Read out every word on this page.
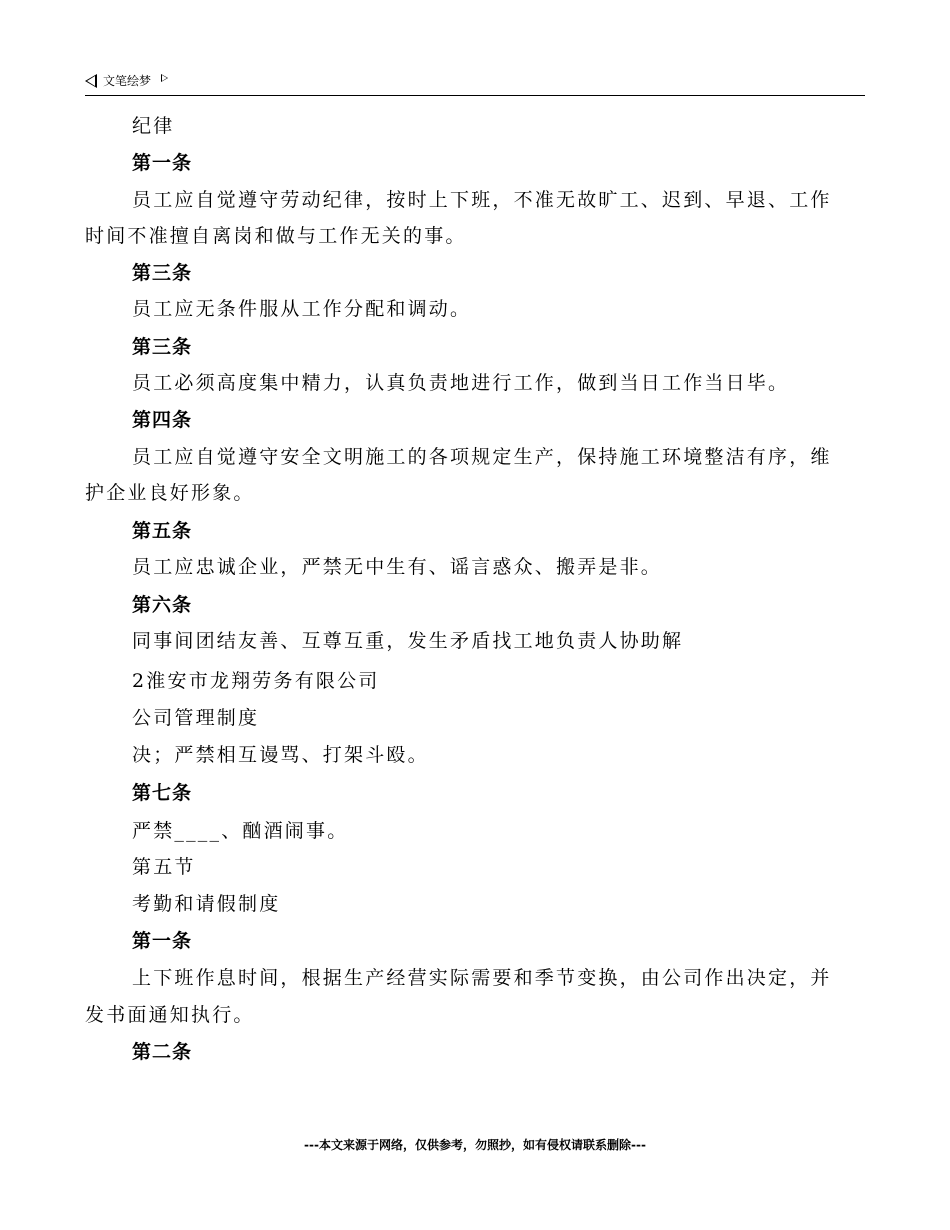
文笔绘梦
纪律
第一条
员工应自觉遵守劳动纪律，按时上下班，不准无故旷工、迟到、早退、工作
时间不准擅自离岗和做与工作无关的事。
第三条
员工应无条件服从工作分配和调动。
第三条
员工必须高度集中精力，认真负责地进行工作，做到当日工作当日毕。
第四条
员工应自觉遵守安全文明施工的各项规定生产，保持施工环境整洁有序，维
护企业良好形象。
第五条
员工应忠诚企业，严禁无中生有、谣言惑众、搬弄是非。
第六条
同事间团结友善、互尊互重，发生矛盾找工地负责人协助解
2淮安市龙翔劳务有限公司
公司管理制度
决；严禁相互谩骂、打架斗殴。
第七条
严禁____、酗酒闹事。
第五节
考勤和请假制度
第一条
上下班作息时间，根据生产经营实际需要和季节变换，由公司作出决定，并
发书面通知执行。
第二条
---本文来源于网络，仅供参考，勿照抄，如有侵权请联系删除---
